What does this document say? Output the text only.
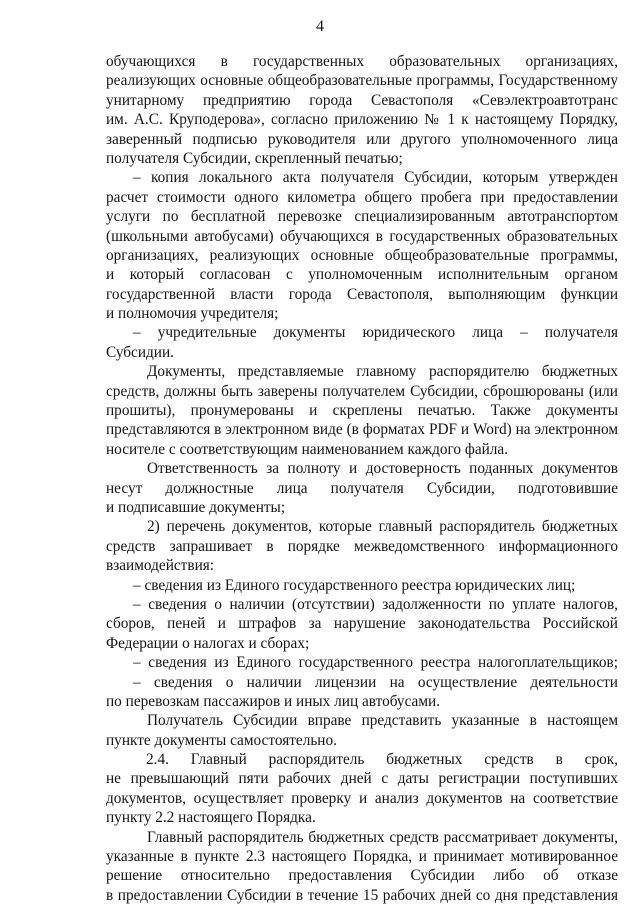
4
обучающихся в государственных образовательных организациях,
реализующих основные общеобразовательные программы, Государственному
унитарному предприятию города Севастополя «Севэлектроавтотранс
им. А.С. Круподерова», согласно приложению № 1 к настоящему Порядку,
заверенный подписью руководителя или другого уполномоченного лица
получателя Субсидии, скрепленный печатью;
– копия локального акта получателя Субсидии, которым утвержден
расчет стоимости одного километра общего пробега при предоставлении
услуги по бесплатной перевозке специализированным автотранспортом
(школьными автобусами) обучающихся в государственных образовательных
организациях, реализующих основные общеобразовательные программы,
и который согласован с уполномоченным исполнительным органом
государственной власти города Севастополя, выполняющим функции
и полномочия учредителя;
– учредительные документы юридического лица – получателя
Субсидии.
Документы, представляемые главному распорядителю бюджетных
средств, должны быть заверены получателем Субсидии, сброшюрованы (или
прошиты), пронумерованы и скреплены печатью. Также документы
представляются в электронном виде (в форматах PDF и Word) на электронном
носителе с соответствующим наименованием каждого файла.
Ответственность за полноту и достоверность поданных документов
несут должностные лица получателя Субсидии, подготовившие
и подписавшие документы;
2) перечень документов, которые главный распорядитель бюджетных
средств запрашивает в порядке межведомственного информационного
взаимодействия:
– сведения из Единого государственного реестра юридических лиц;
– сведения о наличии (отсутствии) задолженности по уплате налогов,
сборов, пеней и штрафов за нарушение законодательства Российской
Федерации о налогах и сборах;
– сведения из Единого государственного реестра налогоплательщиков;
– сведения о наличии лицензии на осуществление деятельности
по перевозкам пассажиров и иных лиц автобусами.
Получатель Субсидии вправе представить указанные в настоящем
пункте документы самостоятельно.
2.4. Главный распорядитель бюджетных средств в срок,
не превышающий пяти рабочих дней с даты регистрации поступивших
документов, осуществляет проверку и анализ документов на соответствие
пункту 2.2 настоящего Порядка.
Главный распорядитель бюджетных средств рассматривает документы,
указанные в пункте 2.3 настоящего Порядка, и принимает мотивированное
решение относительно предоставления Субсидии либо об отказе
в предоставлении Субсидии в течение 15 рабочих дней со дня представления
